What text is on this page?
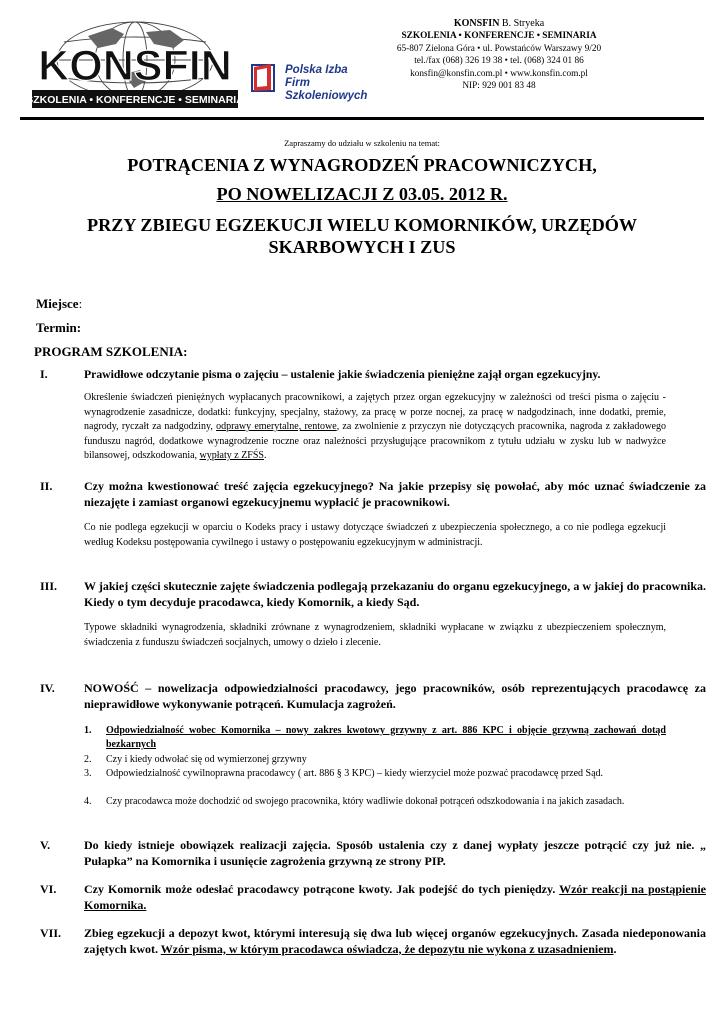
KONSFIN
SZKOLENIA • KONFERENCJE • SEMINARIA
Polska Izba
Firm Szkoleniowych
KONSFIN B. Stryeka
SZKOLENIA • KONFERENCJE • SEMINARIA
65-807 Zielona Góra • ul. Powstańców Warszawy 9/20
tel./fax (068) 326 19 38 • tel. (068) 324 01 86
konsfin@konsfin.com.pl • www.konsfin.com.pl
NIP: 929 001 83 48
Zapraszamy do udziału w szkoleniu na temat:
POTRĄCENIA Z WYNAGRODZEŃ PRACOWNICZYCH,
PO NOWELIZACJI Z 03.05. 2012 R.
PRZY ZBIEGU EGZEKUCJI WIELU KOMORNIKÓW, URZĘDÓW
SKARBOWYCH I ZUS
Miejsce:
Termin:
PROGRAM SZKOLENIA:
I.	Prawidłowe odczytanie pisma o zajęciu – ustalenie jakie świadczenia pieniężne zajął organ egzekucyjny.
Określenie świadczeń pieniężnych wypłacanych pracownikowi, a zajętych przez organ egzekucyjny w zależności od treści pisma o zajęciu - wynagrodzenie zasadnicze, dodatki: funkcyjny, specjalny, stażowy, za pracę w porze nocnej, za pracę w nadgodzinach, inne dodatki, premie, nagrody, ryczałt za nadgodziny, odprawy emerytalne, rentowe, za zwolnienie z przyczyn nie dotyczących pracownika, nagroda z zakładowego funduszu nagród, dodatkowe wynagrodzenie roczne oraz należności przysługujące pracownikom z tytułu udziału w zysku lub w nadwyżce bilansowej, odszkodowania, wypłaty z ZFŚS.
II.	Czy można kwestionować treść zajęcia egzekucyjnego? Na jakie przepisy się powołać, aby móc uznać świadczenie za niezajęte i zamiast organowi egzekucyjnemu wypłacić je pracownikowi.
Co nie podlega egzekucji w oparciu o Kodeks pracy i ustawy dotyczące świadczeń z ubezpieczenia społecznego, a co nie podlega egzekucji według Kodeksu postępowania cywilnego i ustawy o postępowaniu egzekucyjnym w administracji.
III. W jakiej części skutecznie zajęte świadczenia podlegają przekazaniu do organu egzekucyjnego, a w jakiej do pracownika. Kiedy o tym decyduje pracodawca, kiedy Komornik, a kiedy Sąd.
Typowe składniki wynagrodzenia, składniki zrównane z wynagrodzeniem, składniki wypłacane w związku z ubezpieczeniem społecznym, świadczenia z funduszu świadczeń socjalnych, umowy o dzieło i zlecenie.
IV. NOWOŚĆ – nowelizacja odpowiedzialności pracodawcy, jego pracowników, osób reprezentujących pracodawcę za nieprawidłowe wykonywanie potrąceń. Kumulacja zagrożeń.
1. Odpowiedzialność wobec Komornika – nowy zakres kwotowy grzywny z art. 886 KPC i objęcie grzywną zachowań dotąd bezkarnych
2. Czy i kiedy odwołać się od wymierzonej grzywny
3. Odpowiedzialność cywilnoprawna pracodawcy ( art. 886 § 3 KPC) – kiedy wierzyciel może pozwać pracodawcę przed Sąd.
4. Czy pracodawca może dochodzić od swojego pracownika, który wadliwie dokonał potrąceń odszkodowania i na jakich zasadach.
V.	Do kiedy istnieje obowiązek realizacji zajęcia. Sposób ustalenia czy z danej wypłaty jeszcze potrącić czy już nie. „ Pułapka” na Komornika i usunięcie zagrożenia grzywną ze strony PIP.
VI. Czy Komornik może odesłać pracodawcy potrącone kwoty. Jak podejść do tych pieniędzy. Wzór reakcji na postąpienie Komornika.
VII. Zbieg egzekucji a depozyt kwot, którymi interesują się dwa lub więcej organów egzekucyjnych. Zasada niedeponowania zajętych kwot. Wzór pisma, w którym pracodawca oświadcza, że depozytu nie wykona z uzasadnieniem.
